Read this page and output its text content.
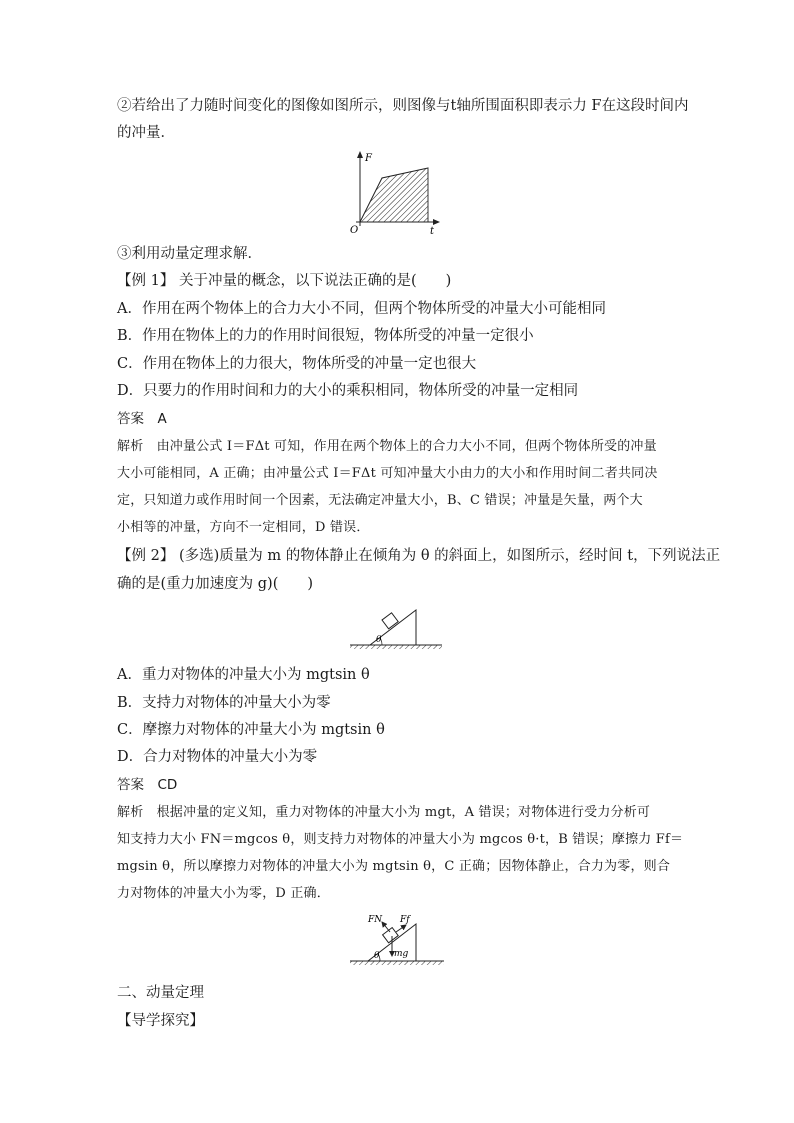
②若给出了力随时间变化的图像如图所示，则图像与t轴所围面积即表示力 F在这段时间内
的冲量．
F
t
O
③利用动量定理求解．
【例 1】 关于冲量的概念，以下说法正确的是(　　)
A．作用在两个物体上的合力大小不同，但两个物体所受的冲量大小可能相同
B．作用在物体上的力的作用时间很短，物体所受的冲量一定很小
C．作用在物体上的力很大，物体所受的冲量一定也很大
D．只要力的作用时间和力的大小的乘积相同，物体所受的冲量一定相同
答案　A
解析　由冲量公式 I＝FΔt 可知，作用在两个物体上的合力大小不同，但两个物体所受的冲量
大小可能相同，A 正确；由冲量公式 I＝FΔt 可知冲量大小由力的大小和作用时间二者共同决
定，只知道力或作用时间一个因素，无法确定冲量大小，B、C 错误；冲量是矢量，两个大
小相等的冲量，方向不一定相同，D 错误．
【例 2】 (多选)质量为 m 的物体静止在倾角为 θ 的斜面上，如图所示，经时间 t，下列说法正
确的是(重力加速度为 g)(　　)
θ
A．重力对物体的冲量大小为 mgtsin θ
B．支持力对物体的冲量大小为零
C．摩擦力对物体的冲量大小为 mgtsin θ
D．合力对物体的冲量大小为零
答案　CD
解析　根据冲量的定义知，重力对物体的冲量大小为 mgt，A 错误；对物体进行受力分析可
知支持力大小 FN＝mgcos θ，则支持力对物体的冲量大小为 mgcos θ·t，B 错误；摩擦力 Ff＝
mgsin θ，所以摩擦力对物体的冲量大小为 mgtsin θ，C 正确；因物体静止，合力为零，则合
力对物体的冲量大小为零，D 正确．
FN Ff
mg
θ
二、动量定理
【导学探究】
